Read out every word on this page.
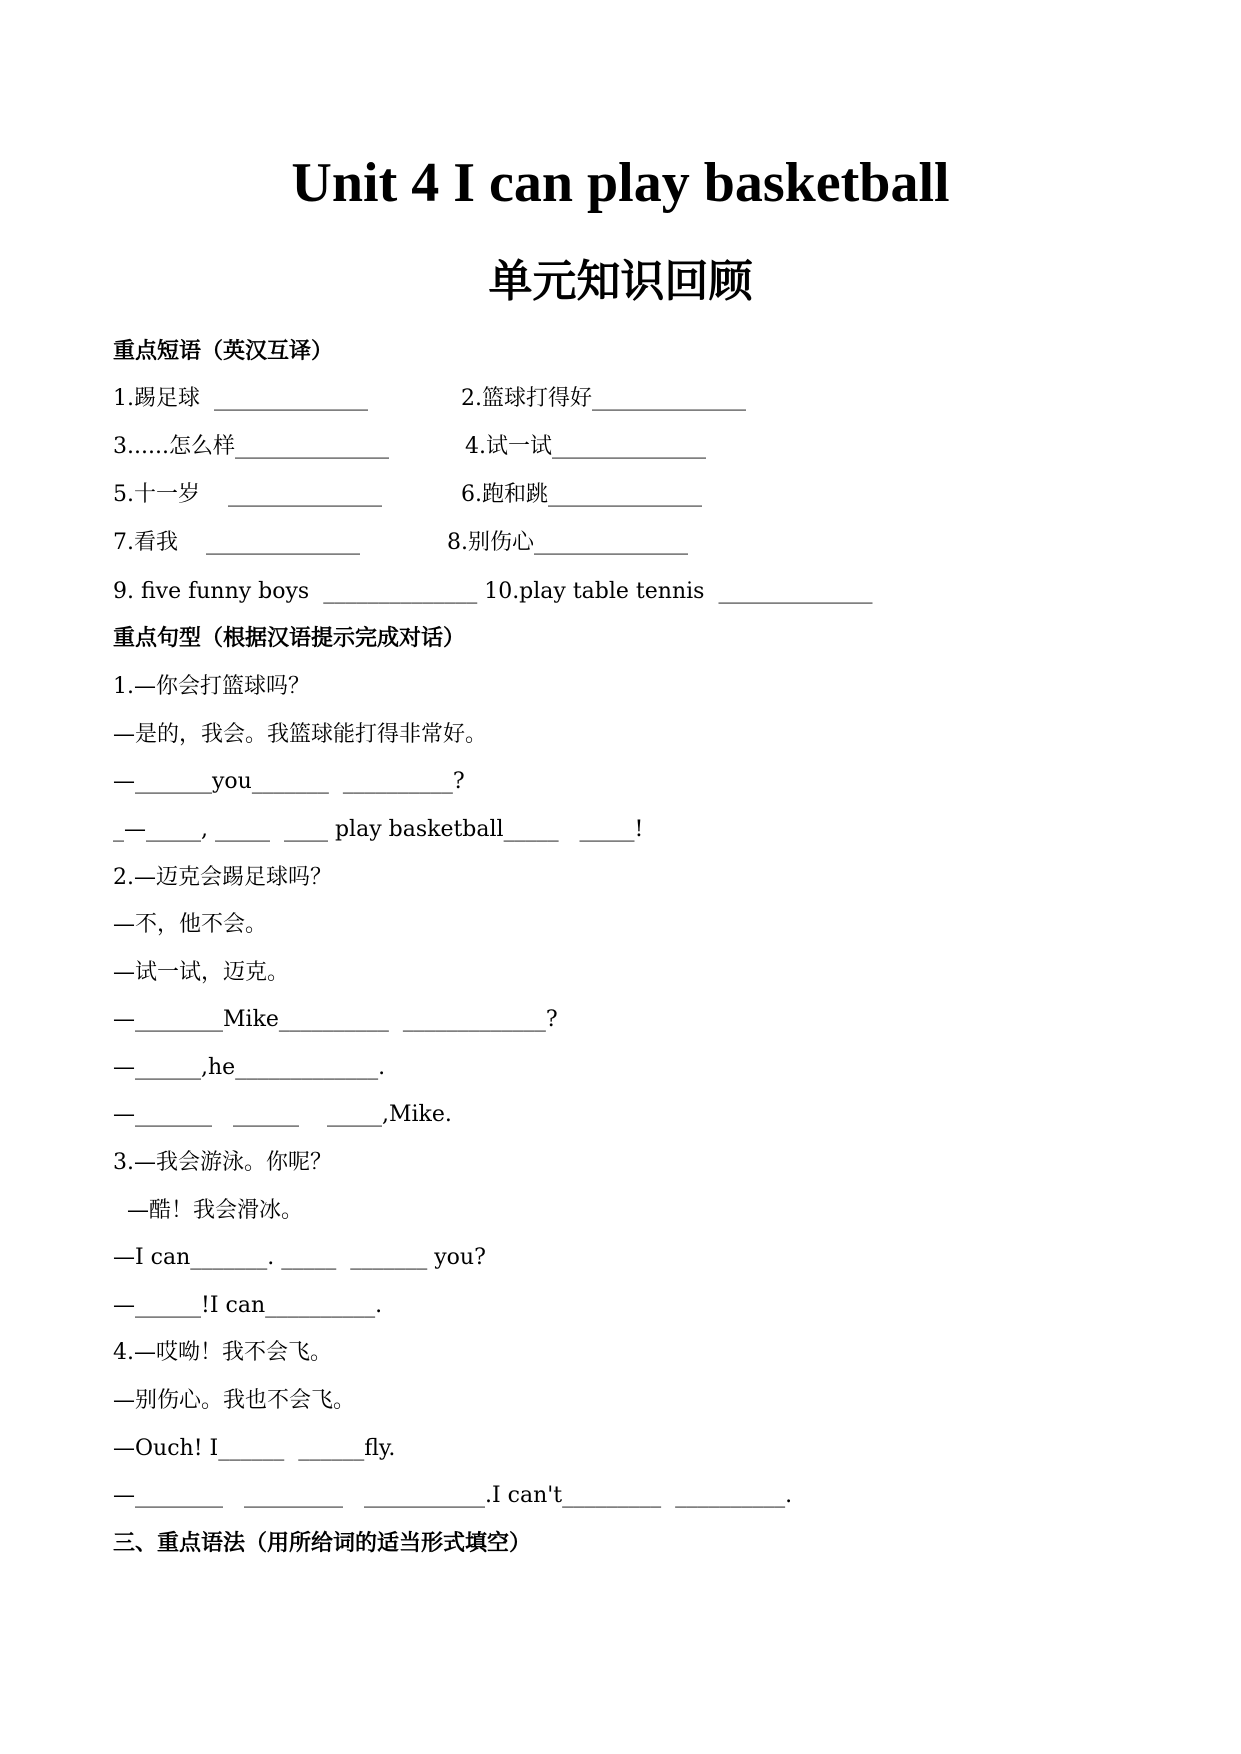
Unit 4 I can play basketball
单元知识回顾
重点短语（英汉互译）
1.踢足球  ______________	2.篮球打得好______________
3......怎么样______________	4.试一试______________
5.十一岁    ______________	6.跑和跳______________
7.看我    ______________	8.别伤心______________
9. five funny boys  ______________ 10.play table tennis  ______________
重点句型（根据汉语提示完成对话）
1.—你会打篮球吗？
—是的，我会。我篮球能打得非常好。
—_______you_______  __________?
_—_____, _____  ____ play basketball_____   _____!
2.—迈克会踢足球吗？
—不，他不会。
—试一试，迈克。
—________Mike__________  _____________?
—______,he_____________.
—_______   ______    _____,Mike.
3.—我会游泳。你呢？
—酷！我会滑冰。
—I can_______. _____  _______ you?
—______!I can__________.
4.—哎呦！我不会飞。
—别伤心。我也不会飞。
—Ouch! I______  ______fly.
—________   _________   ___________.I can't_________  __________.
三、重点语法（用所给词的适当形式填空）
